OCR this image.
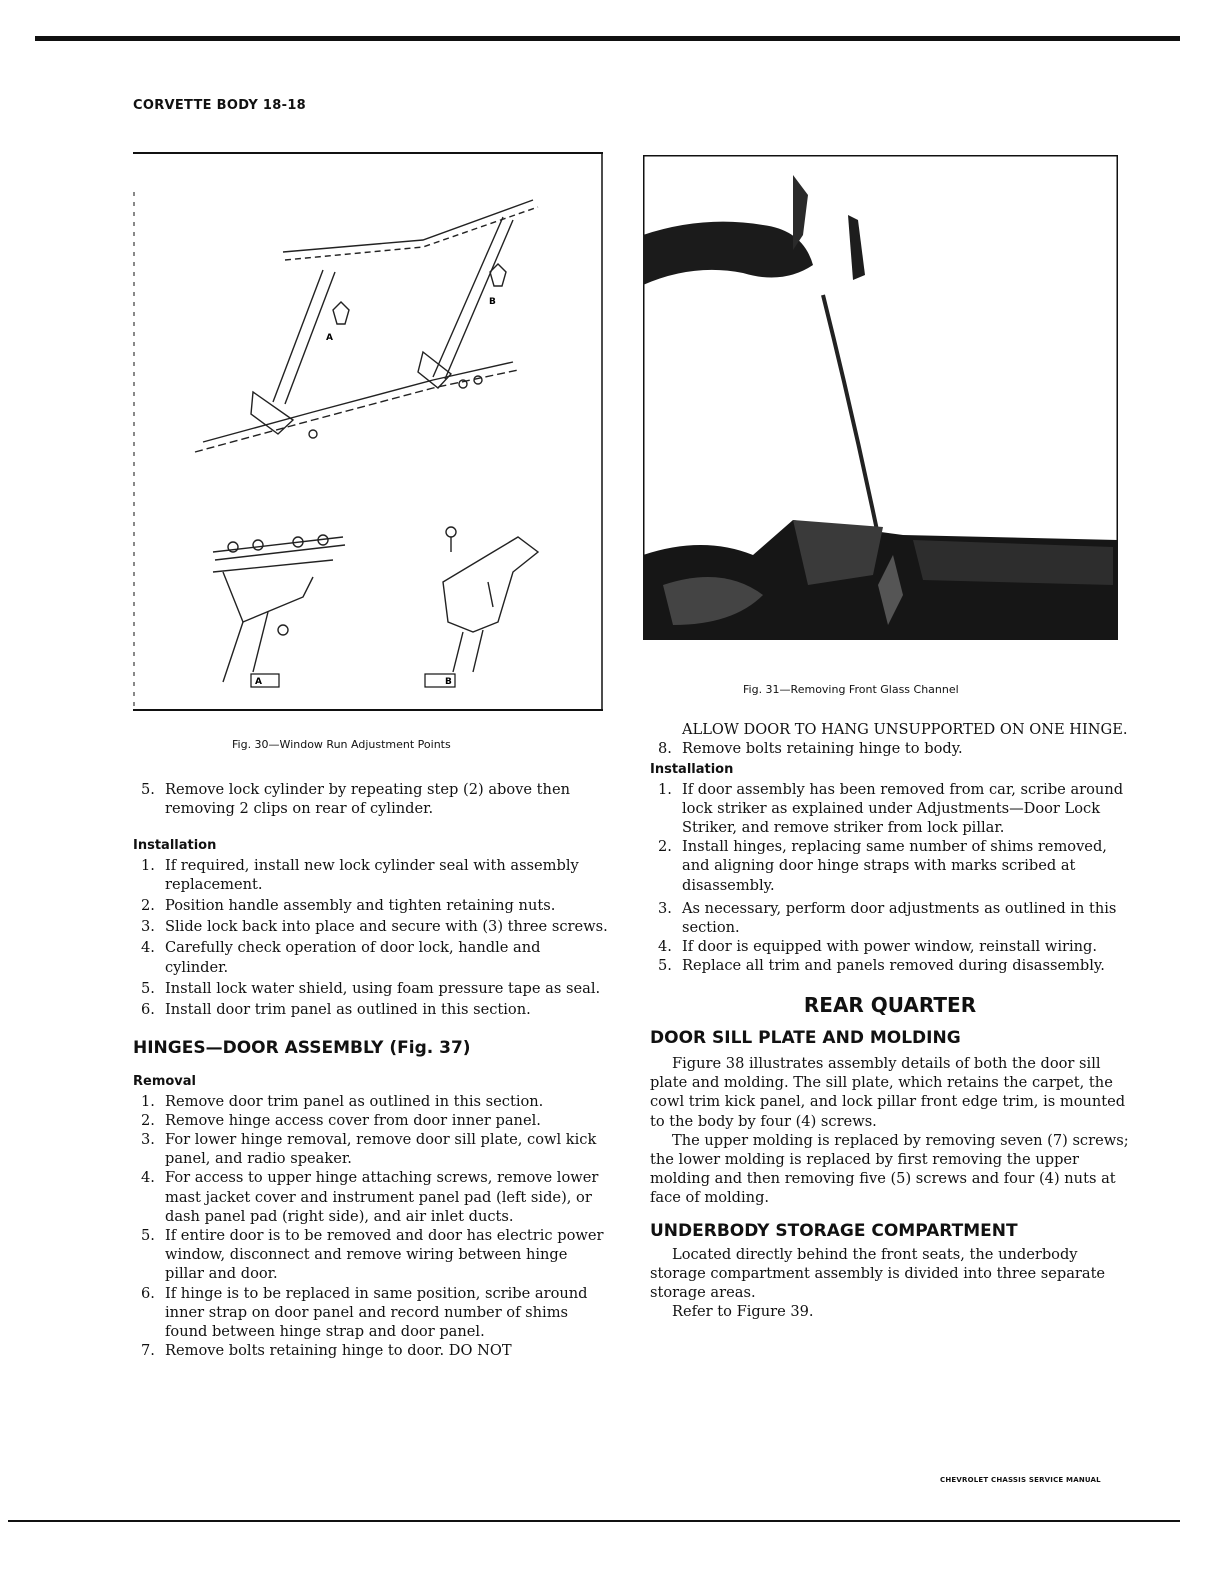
CORVETTE BODY 18-18
A
B
A	B
Fig. 30—Window Run Adjustment Points
Fig. 31—Removing Front Glass Channel
5. Remove lock cylinder by repeating step (2) above then removing 2 clips on rear of cylinder.

Installation

1. If required, install new lock cylinder seal with assembly replacement.
2. Position handle assembly and tighten retaining nuts.
3. Slide lock back into place and secure with (3) three screws.
4. Carefully check operation of door lock, handle and cylinder.
5. Install lock water shield, using foam pressure tape as seal.
6. Install door trim panel as outlined in this section.

HINGES—DOOR ASSEMBLY (Fig. 37)

Removal

1. Remove door trim panel as outlined in this section.
2. Remove hinge access cover from door inner panel.
3. For lower hinge removal, remove door sill plate, cowl kick panel, and radio speaker.
4. For access to upper hinge attaching screws, remove lower mast jacket cover and instrument panel pad (left side), or dash panel pad (right side), and air inlet ducts.
5. If entire door is to be removed and door has electric power window, disconnect and remove wiring between hinge pillar and door.
6. If hinge is to be replaced in same position, scribe around inner strap on door panel and record number of shims found between hinge strap and door panel.
7. Remove bolts retaining hinge to door. DO NOT

ALLOW DOOR TO HANG UNSUPPORTED ON ONE HINGE.

8. Remove bolts retaining hinge to body.

Installation

1. If door assembly has been removed from car, scribe around lock striker as explained under Adjustments—Door Lock Striker, and remove striker from lock pillar.
2. Install hinges, replacing same number of shims removed, and aligning door hinge straps with marks scribed at disassembly.
3. As necessary, perform door adjustments as outlined in this section.
4. If door is equipped with power window, reinstall wiring.
5. Replace all trim and panels removed during disassembly.

REAR QUARTER

DOOR SILL PLATE AND MOLDING

Figure 38 illustrates assembly details of both the door sill plate and molding. The sill plate, which retains the carpet, the cowl trim kick panel, and lock pillar front edge trim, is mounted to the body by four (4) screws.

The upper molding is replaced by removing seven (7) screws; the lower molding is replaced by first removing the upper molding and then removing five (5) screws and four (4) nuts at face of molding.

UNDERBODY STORAGE COMPARTMENT

Located directly behind the front seats, the underbody storage compartment assembly is divided into three separate storage areas.

Refer to Figure 39.

CHEVROLET CHASSIS SERVICE MANUAL
